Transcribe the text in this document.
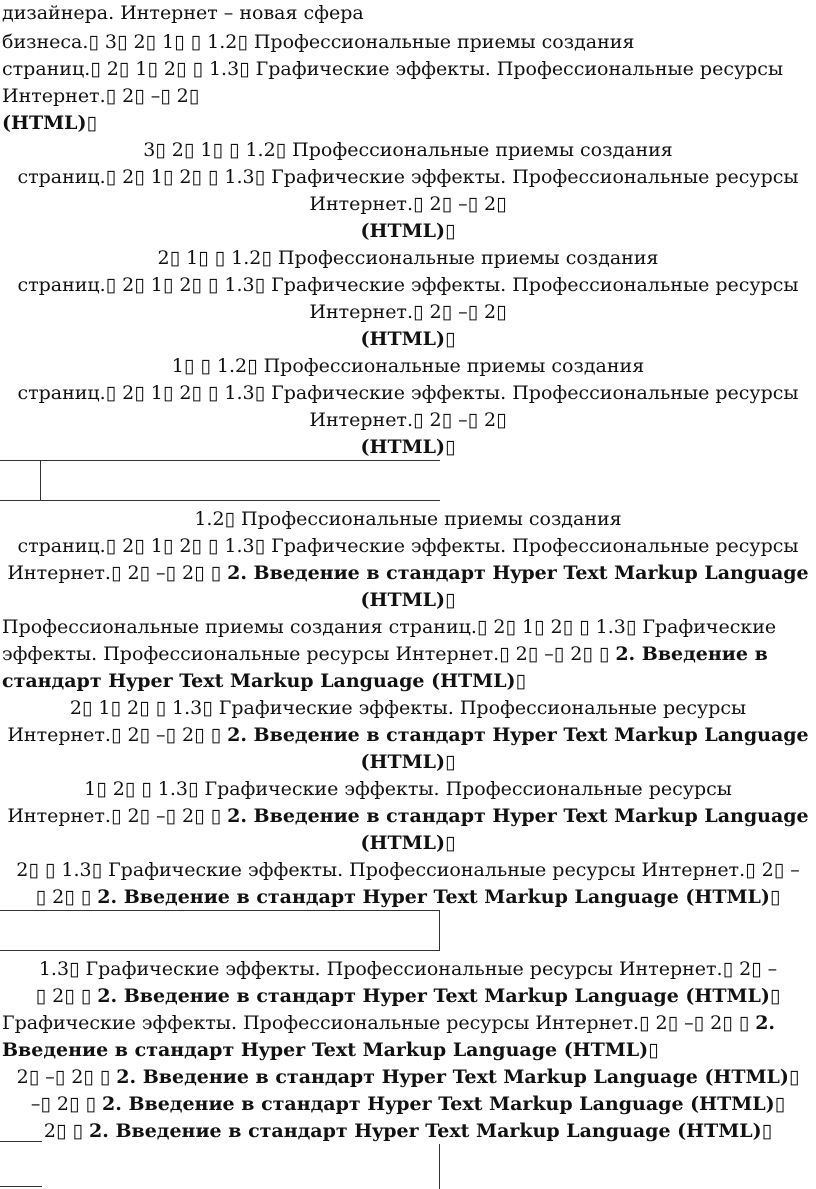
дизайнера. Интернет – новая сфера
бизнеса.▯ 3▯ 2▯ 1▯ ▯ 1.2▯ Профессиональные приемы создания
страниц.▯ 2▯ 1▯ 2▯ ▯ 1.3▯ Графические эффекты. Профессиональные ресурсы
Интернет.▯ 2▯ –▯ 2▯
(HTML)▯
3▯ 2▯ 1▯ ▯ 1.2▯ Профессиональные приемы создания
страниц.▯ 2▯ 1▯ 2▯ ▯ 1.3▯ Графические эффекты. Профессиональные ресурсы
Интернет.▯ 2▯ –▯ 2▯
(HTML)▯
2▯ 1▯ ▯ 1.2▯ Профессиональные приемы создания
страниц.▯ 2▯ 1▯ 2▯ ▯ 1.3▯ Графические эффекты. Профессиональные ресурсы
Интернет.▯ 2▯ –▯ 2▯
(HTML)▯
1▯ ▯ 1.2▯ Профессиональные приемы создания
страниц.▯ 2▯ 1▯ 2▯ ▯ 1.3▯ Графические эффекты. Профессиональные ресурсы
Интернет.▯ 2▯ –▯ 2▯
(HTML)▯
1.2▯ Профессиональные приемы создания
страниц.▯ 2▯ 1▯ 2▯ ▯ 1.3▯ Графические эффекты. Профессиональные ресурсы
Интернет.▯ 2▯ –▯ 2▯ ▯ 2. Введение в стандарт Hyper Text Markup Language
(HTML)▯
Профессиональные приемы создания страниц.▯ 2▯ 1▯ 2▯ ▯ 1.3▯ Графические
эффекты. Профессиональные ресурсы Интернет.▯ 2▯ –▯ 2▯ ▯ 2. Введение в
стандарт Hyper Text Markup Language (HTML)▯
2▯ 1▯ 2▯ ▯ 1.3▯ Графические эффекты. Профессиональные ресурсы
Интернет.▯ 2▯ –▯ 2▯ ▯ 2. Введение в стандарт Hyper Text Markup Language
(HTML)▯
1▯ 2▯ ▯ 1.3▯ Графические эффекты. Профессиональные ресурсы
Интернет.▯ 2▯ –▯ 2▯ ▯ 2. Введение в стандарт Hyper Text Markup Language
(HTML)▯
2▯ ▯ 1.3▯ Графические эффекты. Профессиональные ресурсы Интернет.▯ 2▯ –
▯ 2▯ ▯ 2. Введение в стандарт Hyper Text Markup Language (HTML)▯
1.3▯ Графические эффекты. Профессиональные ресурсы Интернет.▯ 2▯ –
▯ 2▯ ▯ 2. Введение в стандарт Hyper Text Markup Language (HTML)▯
Графические эффекты. Профессиональные ресурсы Интернет.▯ 2▯ –▯ 2▯ ▯ 2.
Введение в стандарт Hyper Text Markup Language (HTML)▯
2▯ –▯ 2▯ ▯ 2. Введение в стандарт Hyper Text Markup Language (HTML)▯
–▯ 2▯ ▯ 2. Введение в стандарт Hyper Text Markup Language (HTML)▯
2▯ ▯ 2. Введение в стандарт Hyper Text Markup Language (HTML)▯
